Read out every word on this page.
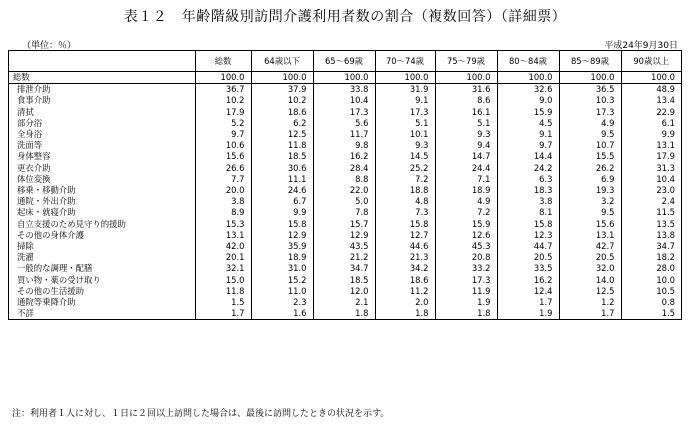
表１２　年齢階級別訪問介護利用者数の割合（複数回答）（詳細票）
（単位：％）	平成24年9月30日
	総数	64歳以下	65～69歳	70～74歳	75～79歳	80～84歳	85～89歳	90歳以上
総数	100.0	100.0	100.0	100.0	100.0	100.0	100.0	100.0
排泄介助	36.7	37.9	33.8	31.9	31.6	32.6	36.5	48.9
食事介助	10.2	10.2	10.4	9.1	8.6	9.0	10.3	13.4
清拭	17.9	18.6	17.3	17.3	16.1	15.9	17.3	22.9
部分浴	5.2	6.2	5.6	5.1	5.1	4.5	4.9	6.1
全身浴	9.7	12.5	11.7	10.1	9.3	9.1	9.5	9.9
洗面等	10.6	11.8	9.8	9.3	9.4	9.7	10.7	13.1
身体整容	15.6	18.5	16.2	14.5	14.7	14.4	15.5	17.9
更衣介助	26.6	30.6	28.4	25.2	24.4	24.2	26.2	31.3
体位変換	7.7	11.1	8.8	7.2	7.1	6.3	6.9	10.4
移乗・移動介助	20.0	24.6	22.0	18.8	18.9	18.3	19.3	23.0
通院・外出介助	3.8	6.7	5.0	4.8	4.9	3.8	3.2	2.4
起床・就寝介助	8.9	9.9	7.8	7.3	7.2	8.1	9.5	11.5
自立支援のため見守り的援助	15.3	15.8	15.7	15.8	15.9	15.8	15.6	13.5
その他の身体介護	13.1	12.9	12.9	12.7	12.6	12.3	13.1	13.8
掃除	42.0	35.9	43.5	44.6	45.3	44.7	42.7	34.7
洗濯	20.1	18.9	21.2	21.3	20.8	20.5	20.5	18.2
一般的な調理・配膳	32.1	31.0	34.7	34.2	33.2	33.5	32.0	28.0
買い物・薬の受け取り	15.0	15.2	18.5	18.6	17.3	16.2	14.0	10.0
その他の生活援助	11.8	11.0	12.0	11.2	11.9	12.4	12.5	10.5
通院等乗降介助	1.5	2.3	2.1	2.0	1.9	1.7	1.2	0.8
不詳	1.7	1.6	1.8	1.8	1.8	1.9	1.7	1.5
注：利用者１人に対し、１日に２回以上訪問した場合は、最後に訪問したときの状況を示す。
